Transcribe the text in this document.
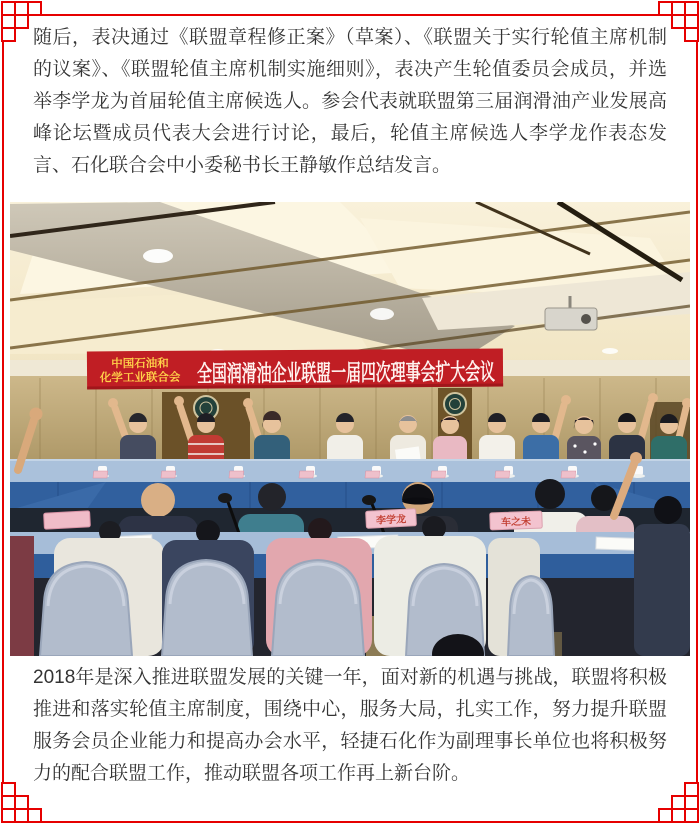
随后，表决通过《联盟章程修正案》（草案）、《联盟关于实行轮值主席机制的议案》、《联盟轮值主席机制实施细则》，表决产生轮值委员会成员，并选举李学龙为首届轮值主席候选人。参会代表就联盟第三届润滑油产业发展高峰论坛暨成员代表大会进行讨论，最后，轮值主席候选人李学龙作表态发言、石化联合会中小委秘书长王静敏作总结发言。

中国石油和
化学工业联合会 全国润滑油企业联盟一届四次理事会扩大会议
李学龙	车之未

2018年是深入推进联盟发展的关键一年，面对新的机遇与挑战，联盟将积极推进和落实轮值主席制度，围绕中心，服务大局，扎实工作，努力提升联盟服务会员企业能力和提高办会水平，轻捷石化作为副理事长单位也将积极努力的配合联盟工作，推动联盟各项工作再上新台阶。
